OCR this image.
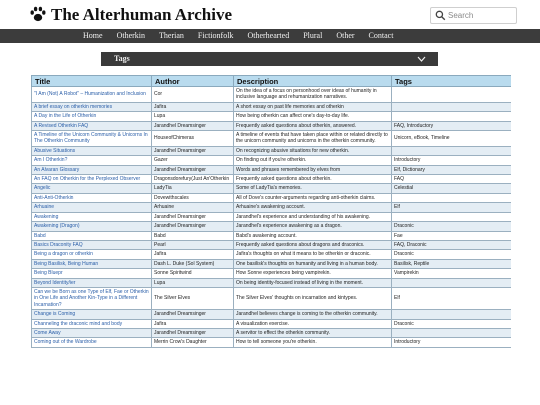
The Alterhuman Archive
Search
Home	Otherkin	Therian	Fictionfolk	Otherhearted	Plural	Other	Contact
Tags
Title	Author	Description	Tags
"I Am (Not) A Robot" – Humanization and Inclusion	Cor	On the idea of a focus on personhood over ideas of humanity in inclusive language and rehumanization narratives.	
A brief essay on otherkin memories	Jafira	A short essay on past life memories and otherkin	
A Day in the Life of Otherkin	Lupa	How being otherkin can affect one's day-to-day life.	
A Revised Otherkin FAQ	Jarandhel Dreamsinger	Frequently asked questions about otherkin, answered.	FAQ, Introductory
A Timeline of the Unicorn Community & Unicorns In The Otherkin Community	HouseofChimeras	A timeline of events that have taken place within or related directly to the unicorn community and unicorns in the otherkin community.	Unicorn, eBook, Timeline
Abusive Situations	Jarandhel Dreamsinger	On recognizing abusive situations for new otherkin.	
Am I Otherkin?	Gazer	On finding out if you're otherkin.	Introductory
An Alvaran Glossary	Jarandhel Dreamsinger	Words and phrases remembered by elves from	Elf, Dictionary
An FAQ on Otherkin for the Perplexed Observer	Dragonsdorefury(Just An'Otherkin	Frequently asked questions about otherkin.	FAQ
Angelic	LadyTia	Some of LadyTia's memories.	Celestial
Anti-Anti-Otherkin	Dovewithscales	All of Dove's counter-arguments regarding anti-otherkin claims.	
Arhuaine	Arhuaine	Arhuaine's awakening account.	Elf
Awakening	Jarandhel Dreamsinger	Jarandhel's experience and understanding of his awakening.	
Awakening (Dragon)	Jarandhel Dreamsinger	Jarandhel's experience awakening as a dragon.	Draconic
Babd	Babd	Babd's awakening account.	Fae
Basics Draconity FAQ	Pearl	Frequently asked questions about dragons and draconics.	FAQ, Draconic
Being a dragon or otherkin	Jafira	Jafira's thoughts on what it means to be otherkin or draconic.	Draconic
Being Basilisk, Being Human	Dash L. Duke (Sol System)	One basilisk's thoughts on humanity and living in a human body.	Basilisk, Reptile
Being Bluepr	Sonne Spiritwind	How Sonne experiences being vampirekin.	Vampirekin
Beyond Identity/ier	Lupa	On being identity-focused instead of living in the moment.	
Can we be Born as one Type of Elf, Fae or Otherkin in One Life and Another Kin-Type in a Different Incarnation?	The Silver Elves	The Silver Elves' thoughts on incarnation and kintypes.	Elf
Change is Coming	Jarandhel Dreamsinger	Jarandhel believes change is coming to the otherkin community.	
Channeling the draconic mind and body	Jafira	A visualization exercise.	Draconic
Come Away	Jarandhel Dreamsinger	A servitor to effect the otherkin community.	
Coming out of the Wardrobe	Merrin Crow's Daughter	How to tell someone you're otherkin.	Introductory
